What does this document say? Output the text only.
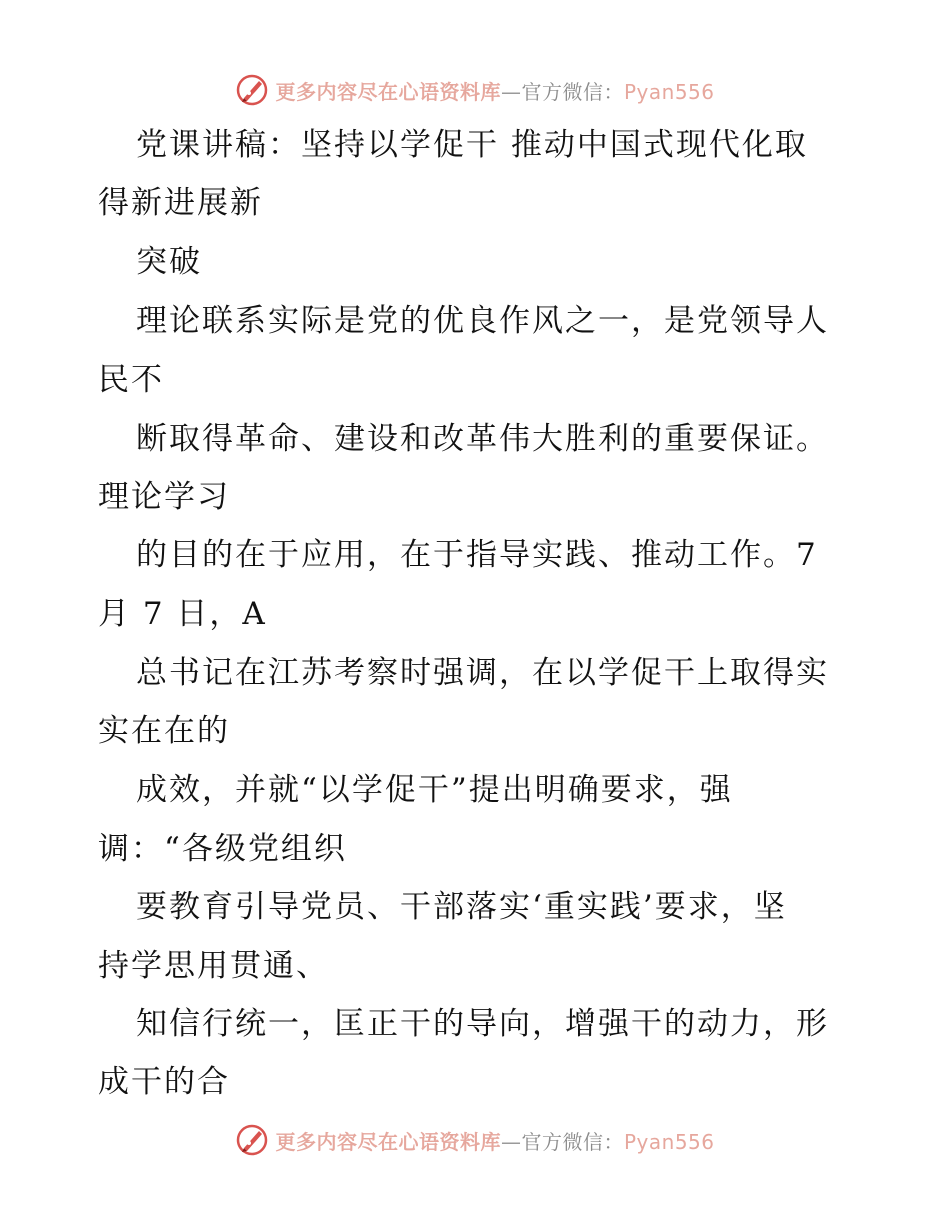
更多内容尽在心语资料库—官方微信：Pyan556
党课讲稿：坚持以学促干 推动中国式现代化取
得新进展新
突破
理论联系实际是党的优良作风之一，是党领导人
民不
断取得革命、建设和改革伟大胜利的重要保证。
理论学习
的目的在于应用，在于指导实践、推动工作。7
月 7 日，A
总书记在江苏考察时强调，在以学促干上取得实
实在在的
成效，并就“以学促干”提出明确要求，强
调：“各级党组织
要教育引导党员、干部落实‘重实践’要求，坚
持学思用贯通、
知信行统一，匡正干的导向，增强干的动力，形
成干的合
更多内容尽在心语资料库—官方微信：Pyan556
